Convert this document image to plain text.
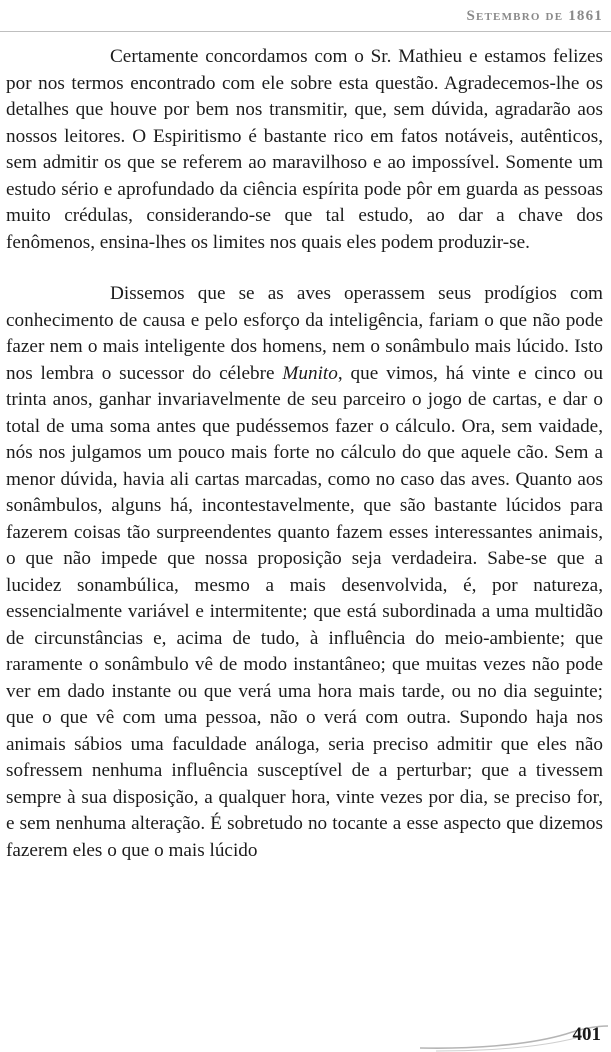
Setembro de 1861

Certamente concordamos com o Sr. Mathieu e estamos felizes por nos termos encontrado com ele sobre esta questão. Agradecemos-lhe os detalhes que houve por bem nos transmitir, que, sem dúvida, agradarão aos nossos leitores. O Espiritismo é bastante rico em fatos notáveis, autênticos, sem admitir os que se referem ao maravilhoso e ao impossível. Somente um estudo sério e aprofundado da ciência espírita pode pôr em guarda as pessoas muito crédulas, considerando-se que tal estudo, ao dar a chave dos fenômenos, ensina-lhes os limites nos quais eles podem produzir-se.

Dissemos que se as aves operassem seus prodígios com conhecimento de causa e pelo esforço da inteligência, fariam o que não pode fazer nem o mais inteligente dos homens, nem o sonâmbulo mais lúcido. Isto nos lembra o sucessor do célebre Munito, que vimos, há vinte e cinco ou trinta anos, ganhar invariavelmente de seu parceiro o jogo de cartas, e dar o total de uma soma antes que pudéssemos fazer o cálculo. Ora, sem vaidade, nós nos julgamos um pouco mais forte no cálculo do que aquele cão. Sem a menor dúvida, havia ali cartas marcadas, como no caso das aves. Quanto aos sonâmbulos, alguns há, incontestavelmente, que são bastante lúcidos para fazerem coisas tão surpreendentes quanto fazem esses interessantes animais, o que não impede que nossa proposição seja verdadeira. Sabe-se que a lucidez sonambúlica, mesmo a mais desenvolvida, é, por natureza, essencialmente variável e intermitente; que está subordinada a uma multidão de circunstâncias e, acima de tudo, à influência do meio-ambiente; que raramente o sonâmbulo vê de modo instantâneo; que muitas vezes não pode ver em dado instante ou que verá uma hora mais tarde, ou no dia seguinte; que o que vê com uma pessoa, não o verá com outra. Supondo haja nos animais sábios uma faculdade análoga, seria preciso admitir que eles não sofressem nenhuma influência susceptível de a perturbar; que a tivessem sempre à sua disposição, a qualquer hora, vinte vezes por dia, se preciso for, e sem nenhuma alteração. É sobretudo no tocante a esse aspecto que dizemos fazerem eles o que o mais lúcido

401
